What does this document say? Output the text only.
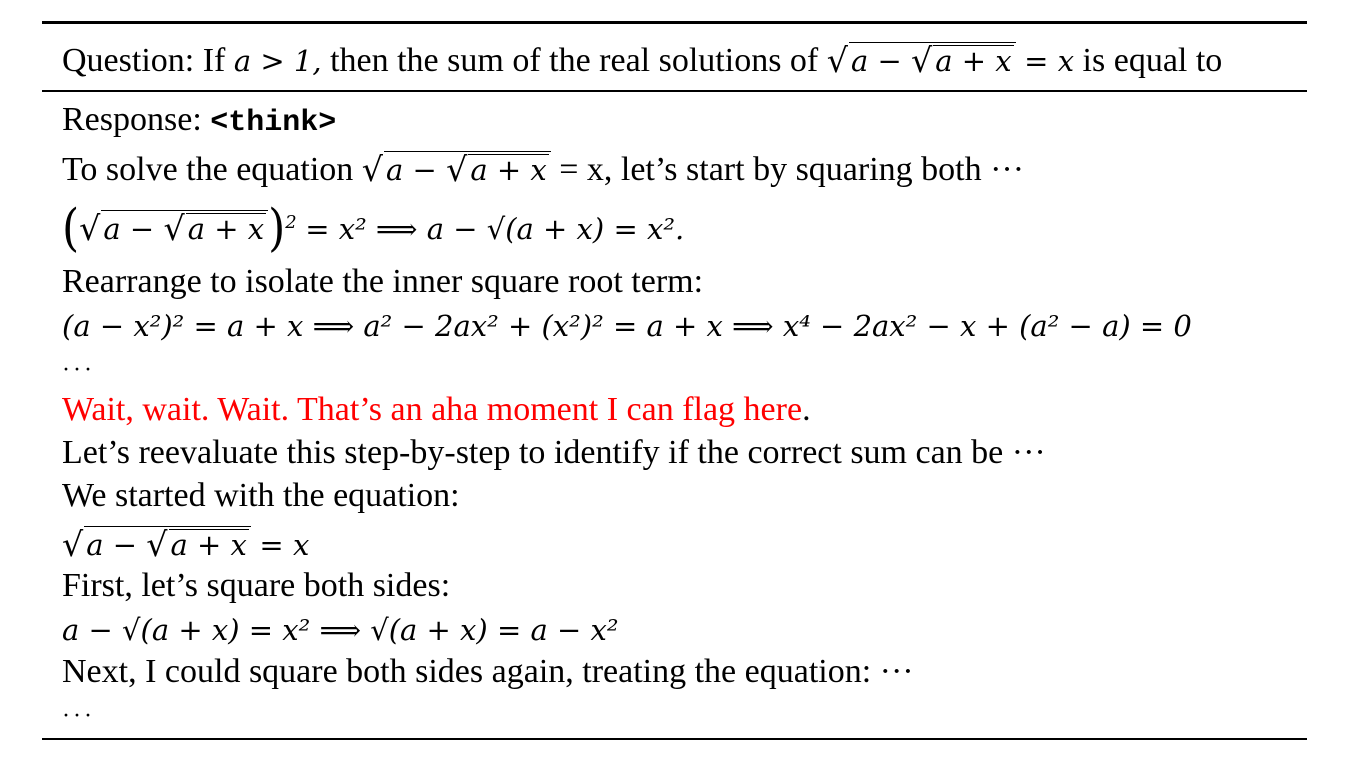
Question: If a > 1, then the sum of the real solutions of √ a − √ a + x = x is equal to
Response: <think>
To solve the equation √ a − √ a + x = x, let’s start by squaring both ···
(√ a − √ a + x)$^2$ = x² ⟹ a − √(a + x) = x².
Rearrange to isolate the inner square root term:
(a − x²)² = a + x ⟹ a² − 2ax² + (x²)² = a + x ⟹ x⁴ − 2ax² − x + (a² − a) = 0
···
Wait, wait. Wait. That’s an aha moment I can flag here.
Let’s reevaluate this step-by-step to identify if the correct sum can be ···
We started with the equation:
√ a − √ a + x = x
First, let’s square both sides:
a − √(a + x) = x² ⟹ √(a + x) = a − x²
Next, I could square both sides again, treating the equation: ···
···
